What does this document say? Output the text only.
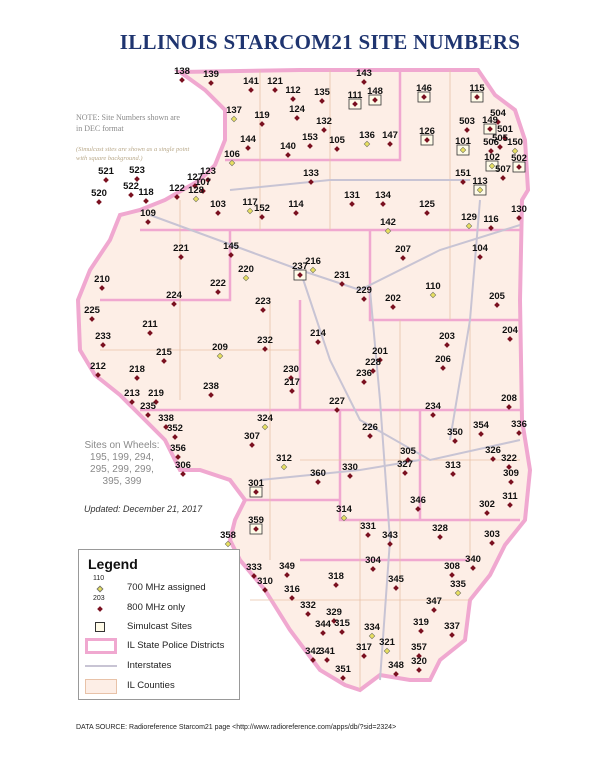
138 139
141 121
112 135
143
111 148	146	115
137 119
124
132
504
503 149
501
126
136 147
153 105
144
140	101 505
506 150
106	102 502
507
521 523	123
127
107
520
522
118 122 128
133	151
113
131 134
125
103 117
152 114
109	129 116
130
142
145
221	207	104
237
216
220
231
210	222
229	110
202	205
224
223
225
211
214	204
203
233	232
209	201
215
228	206
212 218	230	236
217
238
213 219
235	227	208
234
338
352
324
354 336
226	350
307
305	326
322
312
356
327
360
330	313
309
306
301
311
346	302
314
331
359
328
343	303
358
304	340
333 349	308
318	345
310	335
316
347
332
329
344 315	319
334	337
321
317	357
342
341
320
348
351
ILLINOIS STARCOM21 SITE NUMBERS
NOTE: Site Numbers shown are in DEC format
(Simulcast sites are shown as a single point with square background.)
Sites on Wheels:
195, 199, 294,
295, 299, 299,
395, 399
Updated: December 21, 2017
Legend
110
700 MHz assigned
203
800 MHz only
Simulcast Sites
IL State Police Districts
Interstates
IL Counties
DATA SOURCE: Radioreference Starcom21 page <http://www.radioreference.com/apps/db/?sid=2324>
